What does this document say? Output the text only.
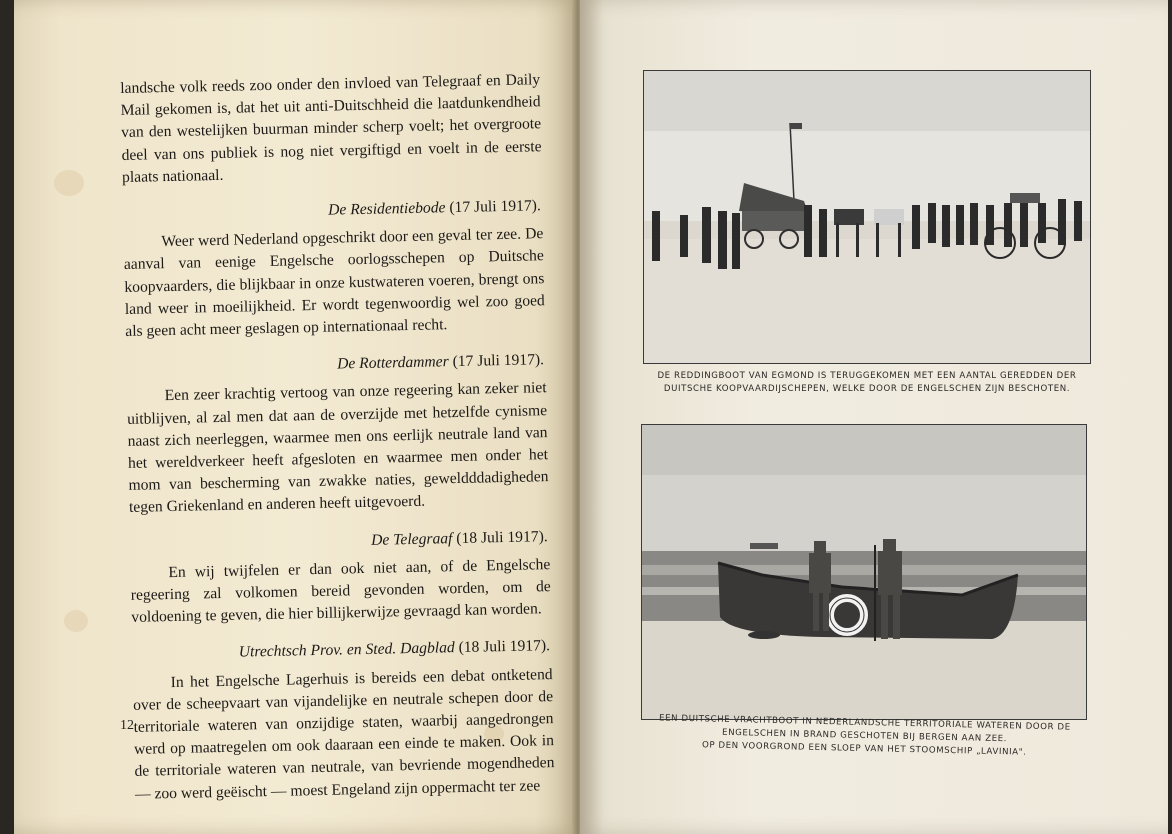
landsche volk reeds zoo onder den invloed van Telegraaf en Daily Mail gekomen is, dat het uit anti-Duitschheid die laatdunkendheid van den westelijken buurman minder scherp voelt; het overgroote deel van ons publiek is nog niet vergiftigd en voelt in de eerste plaats nationaal.

De Residentiebode (17 Juli 1917).

Weer werd Nederland opgeschrikt door een geval ter zee. De aanval van eenige Engelsche oorlogsschepen op Duitsche koopvaarders, die blijkbaar in onze kustwateren voeren, brengt ons land weer in moeilijkheid. Er wordt tegenwoordig wel zoo goed als geen acht meer geslagen op internationaal recht.

De Rotterdammer (17 Juli 1917).

Een zeer krachtig vertoog van onze regeering kan zeker niet uitblijven, al zal men dat aan de overzijde met hetzelfde cynisme naast zich neerleggen, waarmee men ons eerlijk neutrale land van het wereldverkeer heeft afgesloten en waarmee men onder het mom van bescherming van zwakke naties, geweldddadigheden tegen Griekenland en anderen heeft uitgevoerd.

De Telegraaf (18 Juli 1917).

En wij twijfelen er dan ook niet aan, of de Engelsche regeering zal volkomen bereid gevonden worden, om de voldoening te geven, die hier billijkerwijze gevraagd kan worden.

Utrechtsch Prov. en Sted. Dagblad (18 Juli 1917).

In het Engelsche Lagerhuis is bereids een debat ontketend over de scheepvaart van vijandelijke en neutrale schepen door de territoriale wateren van onzijdige staten, waarbij aangedrongen werd op maatregelen om ook daaraan een einde te maken. Ook in de territoriale wateren van neutrale, van bevriende mogendheden — zoo werd geëischt — moest Engeland zijn oppermacht ter zee

12
DE REDDINGBOOT VAN EGMOND IS TERUGGEKOMEN MET EEN AANTAL GEREDDEN DER
DUITSCHE KOOPVAARDIJSCHEPEN, WELKE DOOR DE ENGELSCHEN ZIJN BESCHOTEN.
EEN DUITSCHE VRACHTBOOT IN NEDERLANDSCHE TERRITORIALE WATEREN DOOR DE
ENGELSCHEN IN BRAND GESCHOTEN BIJ BERGEN AAN ZEE.
OP DEN VOORGROND EEN SLOEP VAN HET STOOMSCHIP „LAVINIA".
